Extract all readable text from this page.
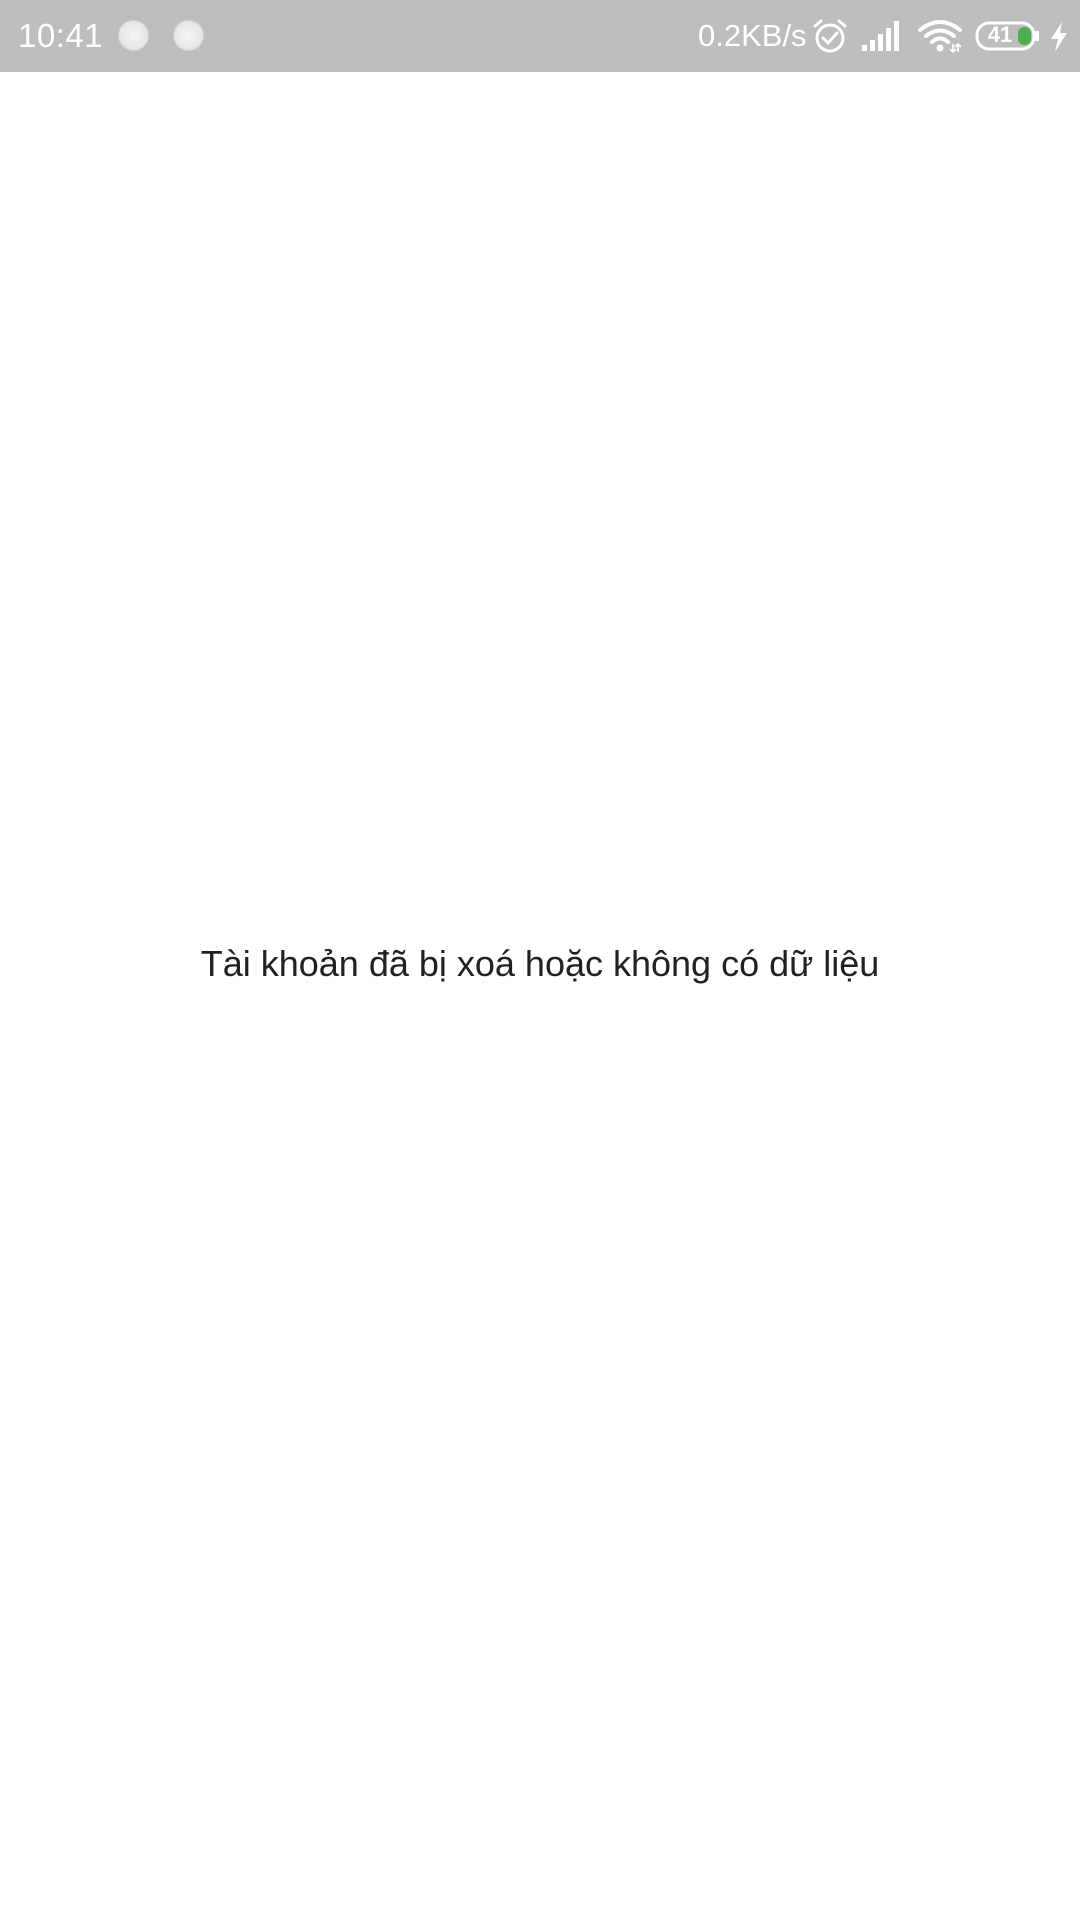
10:41	0.2KB/s	41
Tài khoản đã bị xoá hoặc không có dữ liệu
